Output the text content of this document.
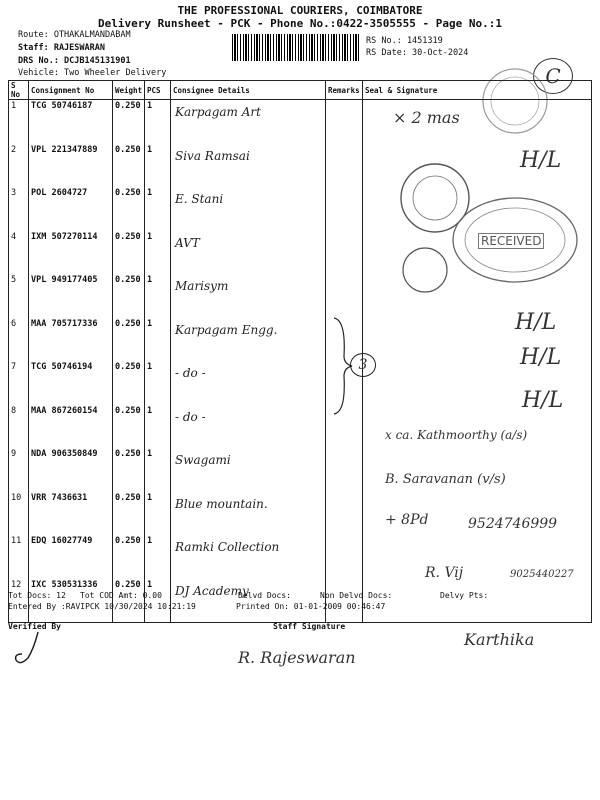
THE PROFESSIONAL COURIERS, COIMBATORE
Delivery Runsheet - PCK - Phone No.:0422-3505555 - Page No.:1
Route: OTHAKALMANDABAM
Staff: RAJESWARAN
DRS No.: DCJB145131901
Vehicle: Two Wheeler Delivery
RS No.: 1451319
RS Date: 30-Oct-2024
C
S No	Consignment No	Weight	PCS	Consignee Details	Remarks	Seal & Signature
1	TCG 50746187	0.250	1	Karpagam Art		

2	VPL 221347889	0.250	1	Siva Ramsai		

3	POL 2604727	0.250	1	E. Stani		

4	IXM 507270114	0.250	1	AVT		

5	VPL 949177405	0.250	1	Marisym		

6	MAA 705717336	0.250	1	Karpagam Engg.		

7	TCG 50746194	0.250	1	- do -		

8	MAA 867260154	0.250	1	- do -		

9	NDA 906350849	0.250	1	Swagami		

10	VRR 7436631	0.250	1	Blue mountain.		

11	EDQ 16027749	0.250	1	Ramki Collection		

12	IXC 530531336	0.250	1	DJ Academy		

× 2 mas
H/L
RECEIVED
H/L
H/L
H/L
3
x ca. Kathmoorthy (a/s)
B. Saravanan (v/s)
+ 8Pd	9524746999
R. Vij	9025440227
Tot Docs: 12 Tot COD Amt: 0.00	Delvd Docs:	Non Delvd Docs:	Delvy Pts:
Entered By :RAVIPCK 10/30/2024 10:21:19	Printed On: 01-01-2009 00:46:47
Verified By	Staff Signature
R. Rajeswaran
Karthika
